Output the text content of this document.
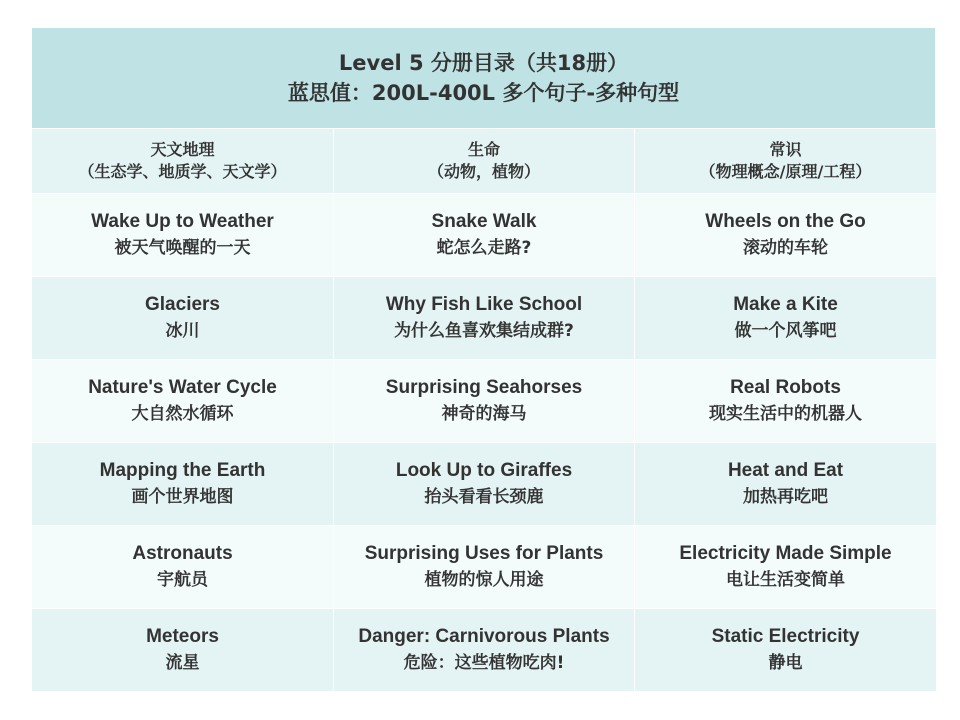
Level 5 分册目录（共18册）
蓝思值：200L-400L 多个句子-多种句型
天文地理
（生态学、地质学、天文学）
生命
（动物，植物）
常识
（物理概念/原理/工程）
Wake Up to Weather
被天气唤醒的一天
Snake Walk
蛇怎么走路?
Wheels on the Go
滚动的车轮
Glaciers
冰川
Why Fish Like School
为什么鱼喜欢集结成群?
Make a Kite
做一个风筝吧
Nature's Water Cycle
大自然水循环
Surprising Seahorses
神奇的海马
Real Robots
现实生活中的机器人
Mapping the Earth
画个世界地图
Look Up to Giraffes
抬头看看长颈鹿
Heat and Eat
加热再吃吧
Astronauts
宇航员
Surprising Uses for Plants
植物的惊人用途
Electricity Made Simple
电让生活变简单
Meteors
流星
Danger: Carnivorous Plants
危险：这些植物吃肉!
Static Electricity
静电
